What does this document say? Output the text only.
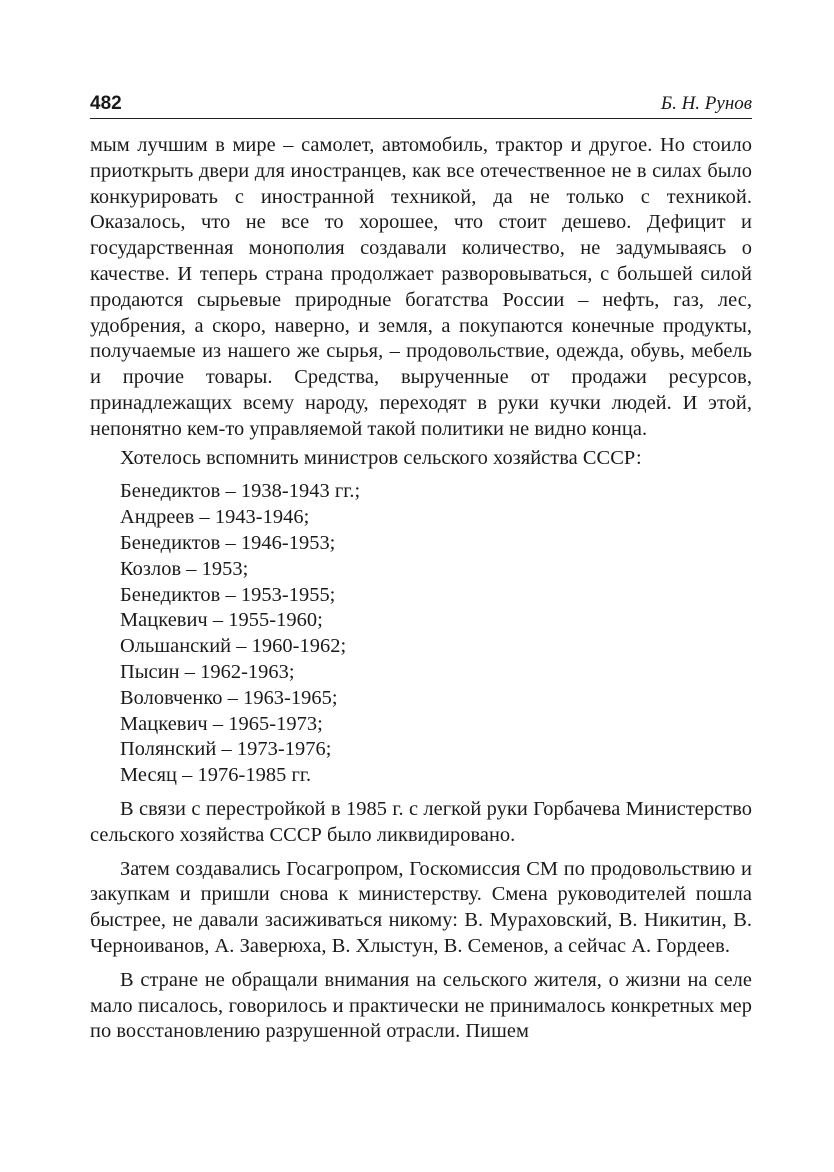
482	Б. Н. Рунов

мым лучшим в мире – самолет, автомобиль, трактор и другое. Но стоило приоткрыть двери для иностранцев, как все отечественное не в силах было конкурировать с иностранной техникой, да не только с техникой. Оказалось, что не все то хорошее, что стоит дешево. Дефицит и государственная монополия создавали количество, не задумываясь о качестве. И теперь страна продолжает разворовываться, с большей силой продаются сырьевые природные богатства России – нефть, газ, лес, удобрения, а скоро, наверно, и земля, а покупаются конечные продукты, получаемые из нашего же сырья, – продовольствие, одежда, обувь, мебель и прочие товары. Средства, вырученные от продажи ресурсов, принадлежащих всему народу, переходят в руки кучки людей. И этой, непонятно кем-то управляемой такой политики не видно конца.

Хотелось вспомнить министров сельского хозяйства СССР:

Бенедиктов – 1938-1943 гг.;
Андреев – 1943-1946;
Бенедиктов – 1946-1953;
Козлов – 1953;
Бенедиктов – 1953-1955;
Мацкевич – 1955-1960;
Ольшанский – 1960-1962;
Пысин – 1962-1963;
Воловченко – 1963-1965;
Мацкевич – 1965-1973;
Полянский – 1973-1976;
Месяц – 1976-1985 гг.

В связи с перестройкой в 1985 г. с легкой руки Горбачева Министерство сельского хозяйства СССР было ликвидировано.

Затем создавались Госагропром, Госкомиссия СМ по продовольствию и закупкам и пришли снова к министерству. Смена руководителей пошла быстрее, не давали засиживаться никому: В. Мураховский, В. Никитин, В. Черноиванов, А. Заверюха, В. Хлыстун, В. Семенов, а сейчас А. Гордеев.

В стране не обращали внимания на сельского жителя, о жизни на селе мало писалось, говорилось и практически не принималось конкретных мер по восстановлению разрушенной отрасли. Пишем
